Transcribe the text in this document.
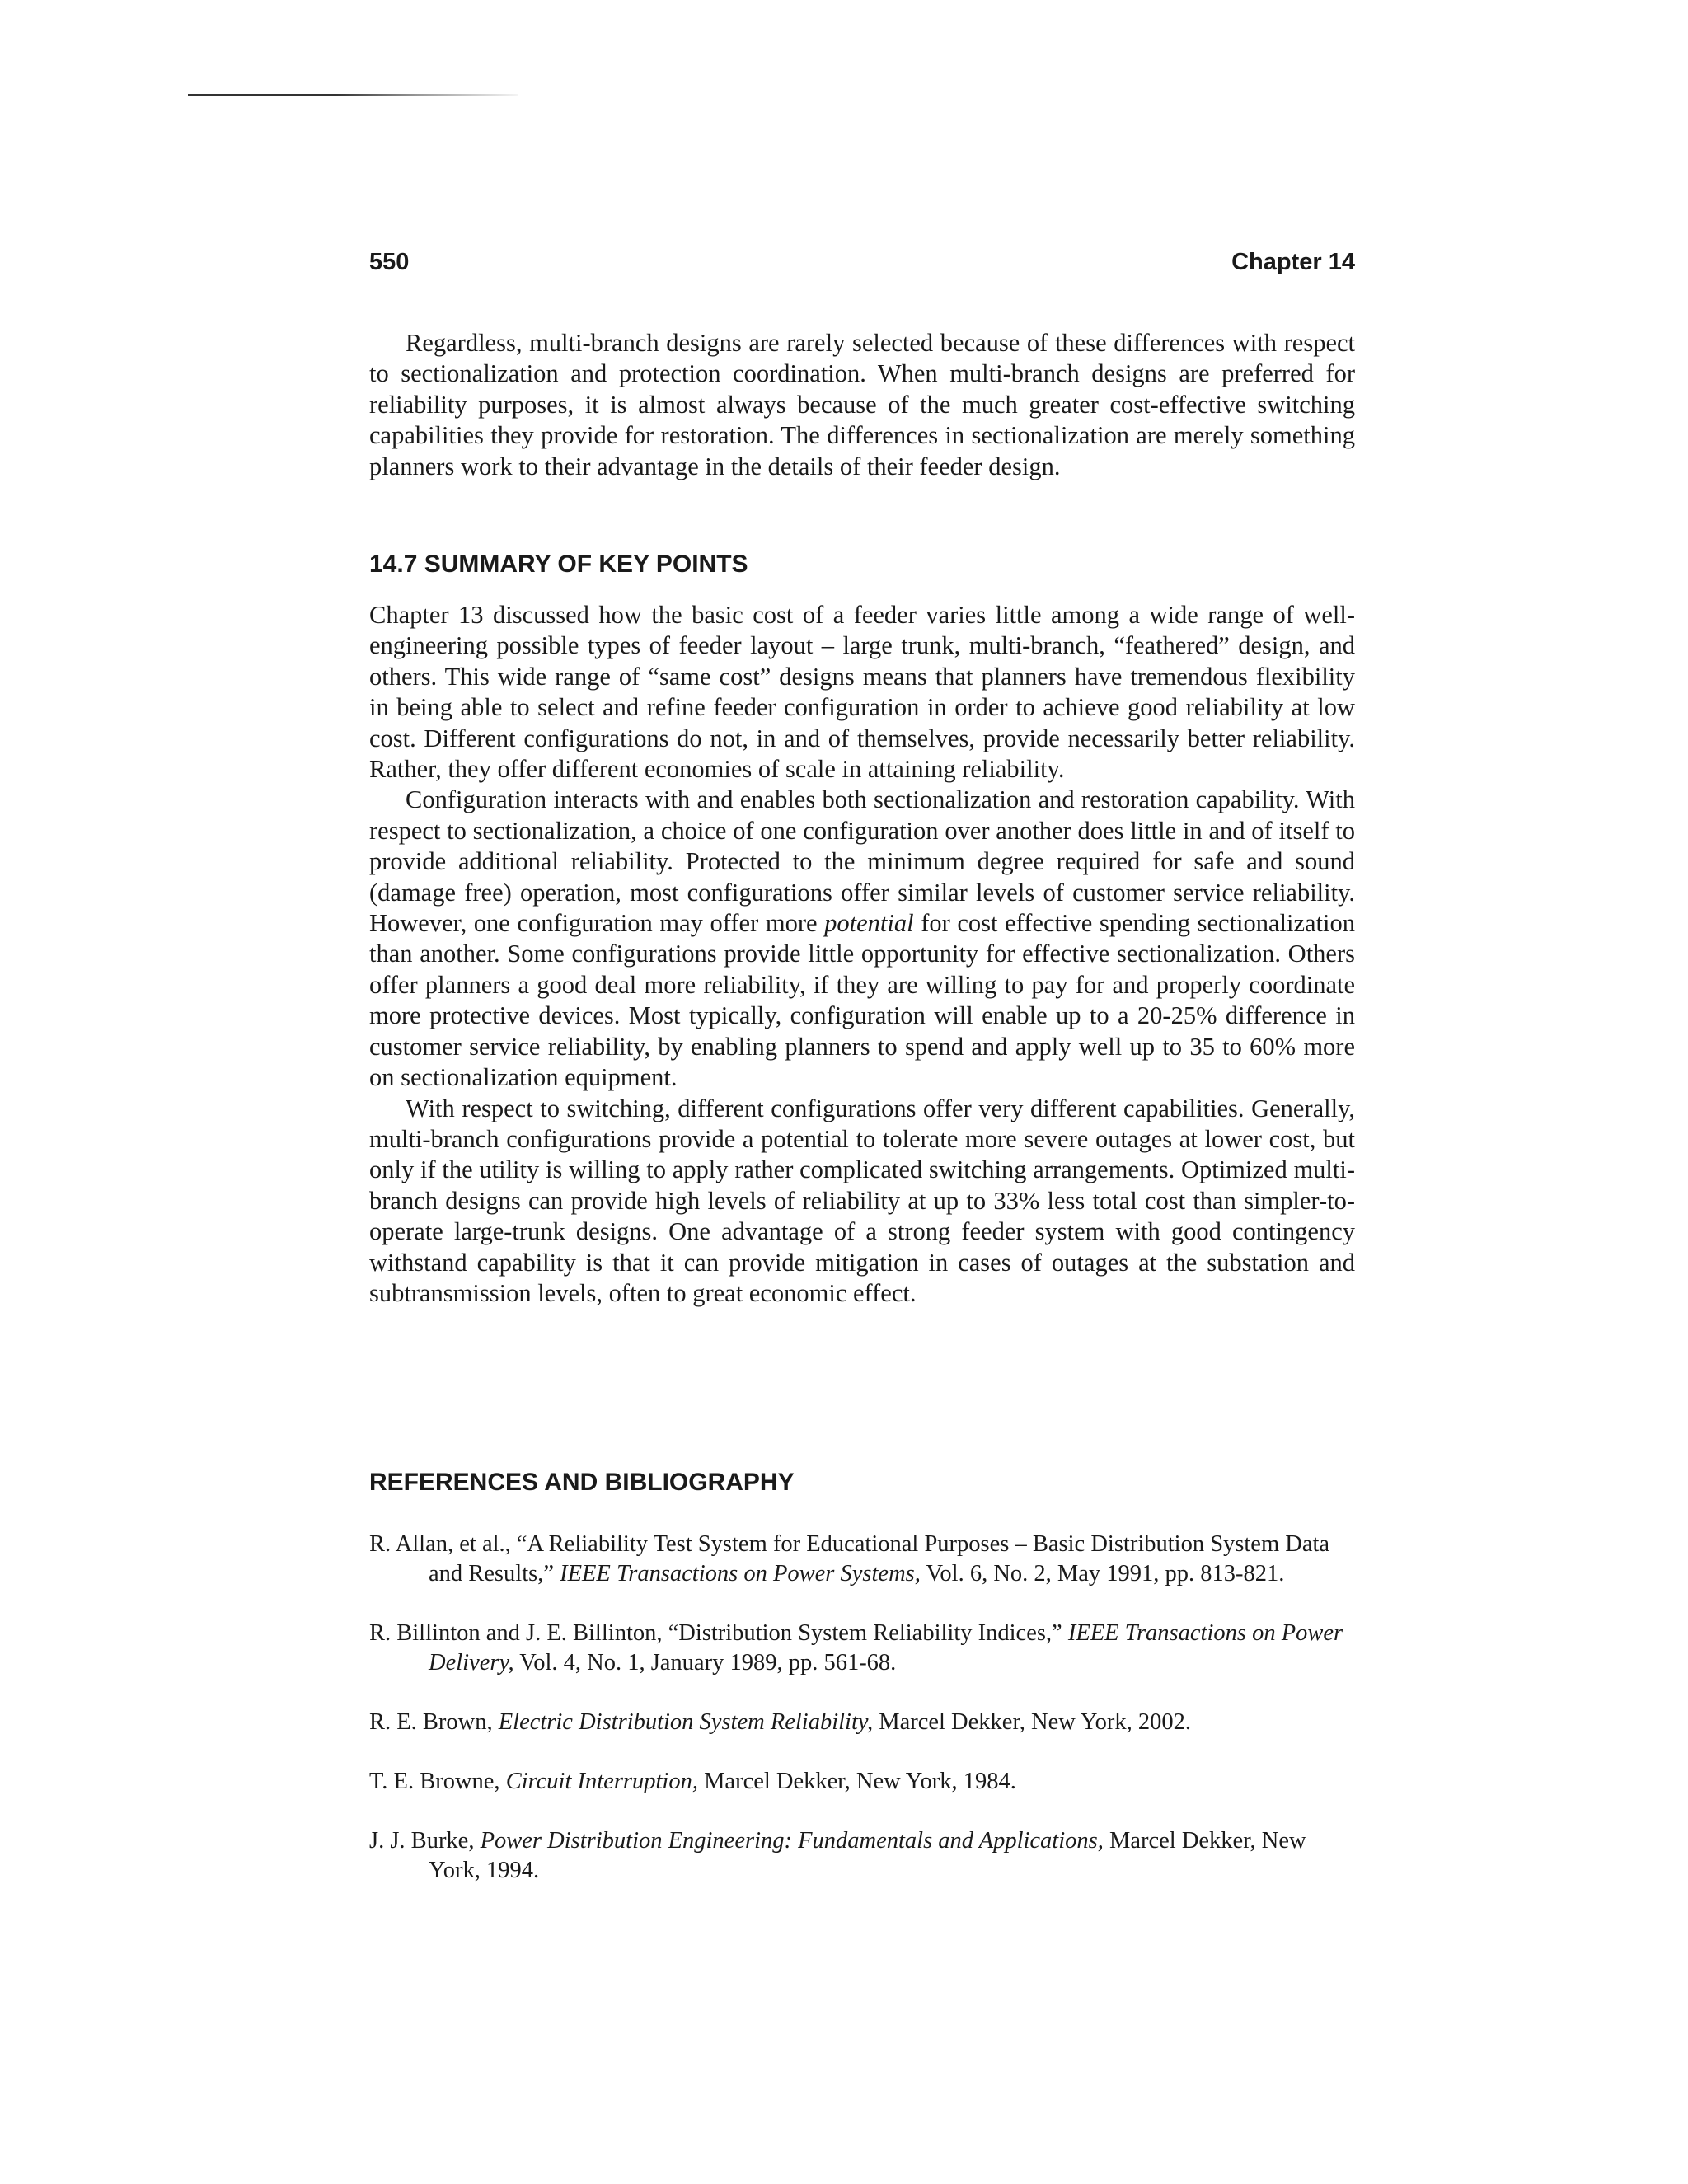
550	Chapter 14

Regardless, multi-branch designs are rarely selected because of these differences with respect to sectionalization and protection coordination. When multi-branch designs are preferred for reliability purposes, it is almost always because of the much greater cost-effective switching capabilities they provide for restoration. The differences in sectionalization are merely something planners work to their advantage in the details of their feeder design.

14.7 SUMMARY OF KEY POINTS

Chapter 13 discussed how the basic cost of a feeder varies little among a wide range of well-engineering possible types of feeder layout – large trunk, multi-branch, “feathered” design, and others. This wide range of “same cost” designs means that planners have tremendous flexibility in being able to select and refine feeder configuration in order to achieve good reliability at low cost. Different configurations do not, in and of themselves, provide necessarily better reliability. Rather, they offer different economies of scale in attaining reliability.

Configuration interacts with and enables both sectionalization and restoration capability. With respect to sectionalization, a choice of one configuration over another does little in and of itself to provide additional reliability. Protected to the minimum degree required for safe and sound (damage free) operation, most configurations offer similar levels of customer service reliability. However, one configuration may offer more potential for cost effective spending sectionalization than another. Some configurations provide little opportunity for effective sectionalization. Others offer planners a good deal more reliability, if they are willing to pay for and properly coordinate more protective devices. Most typically, configuration will enable up to a 20-25% difference in customer service reliability, by enabling planners to spend and apply well up to 35 to 60% more on sectionalization equipment.

With respect to switching, different configurations offer very different capabilities. Generally, multi-branch configurations provide a potential to tolerate more severe outages at lower cost, but only if the utility is willing to apply rather complicated switching arrangements. Optimized multi-branch designs can provide high levels of reliability at up to 33% less total cost than simpler-to-operate large-trunk designs. One advantage of a strong feeder system with good contingency withstand capability is that it can provide mitigation in cases of outages at the substation and subtransmission levels, often to great economic effect.

REFERENCES AND BIBLIOGRAPHY

R. Allan, et al., “A Reliability Test System for Educational Purposes – Basic Distribution System Data and Results,” IEEE Transactions on Power Systems, Vol. 6, No. 2, May 1991, pp. 813-821.

R. Billinton and J. E. Billinton, “Distribution System Reliability Indices,” IEEE Transactions on Power Delivery, Vol. 4, No. 1, January 1989, pp. 561-68.

R. E. Brown, Electric Distribution System Reliability, Marcel Dekker, New York, 2002.

T. E. Browne, Circuit Interruption, Marcel Dekker, New York, 1984.

J. J. Burke, Power Distribution Engineering: Fundamentals and Applications, Marcel Dekker, New York, 1994.
